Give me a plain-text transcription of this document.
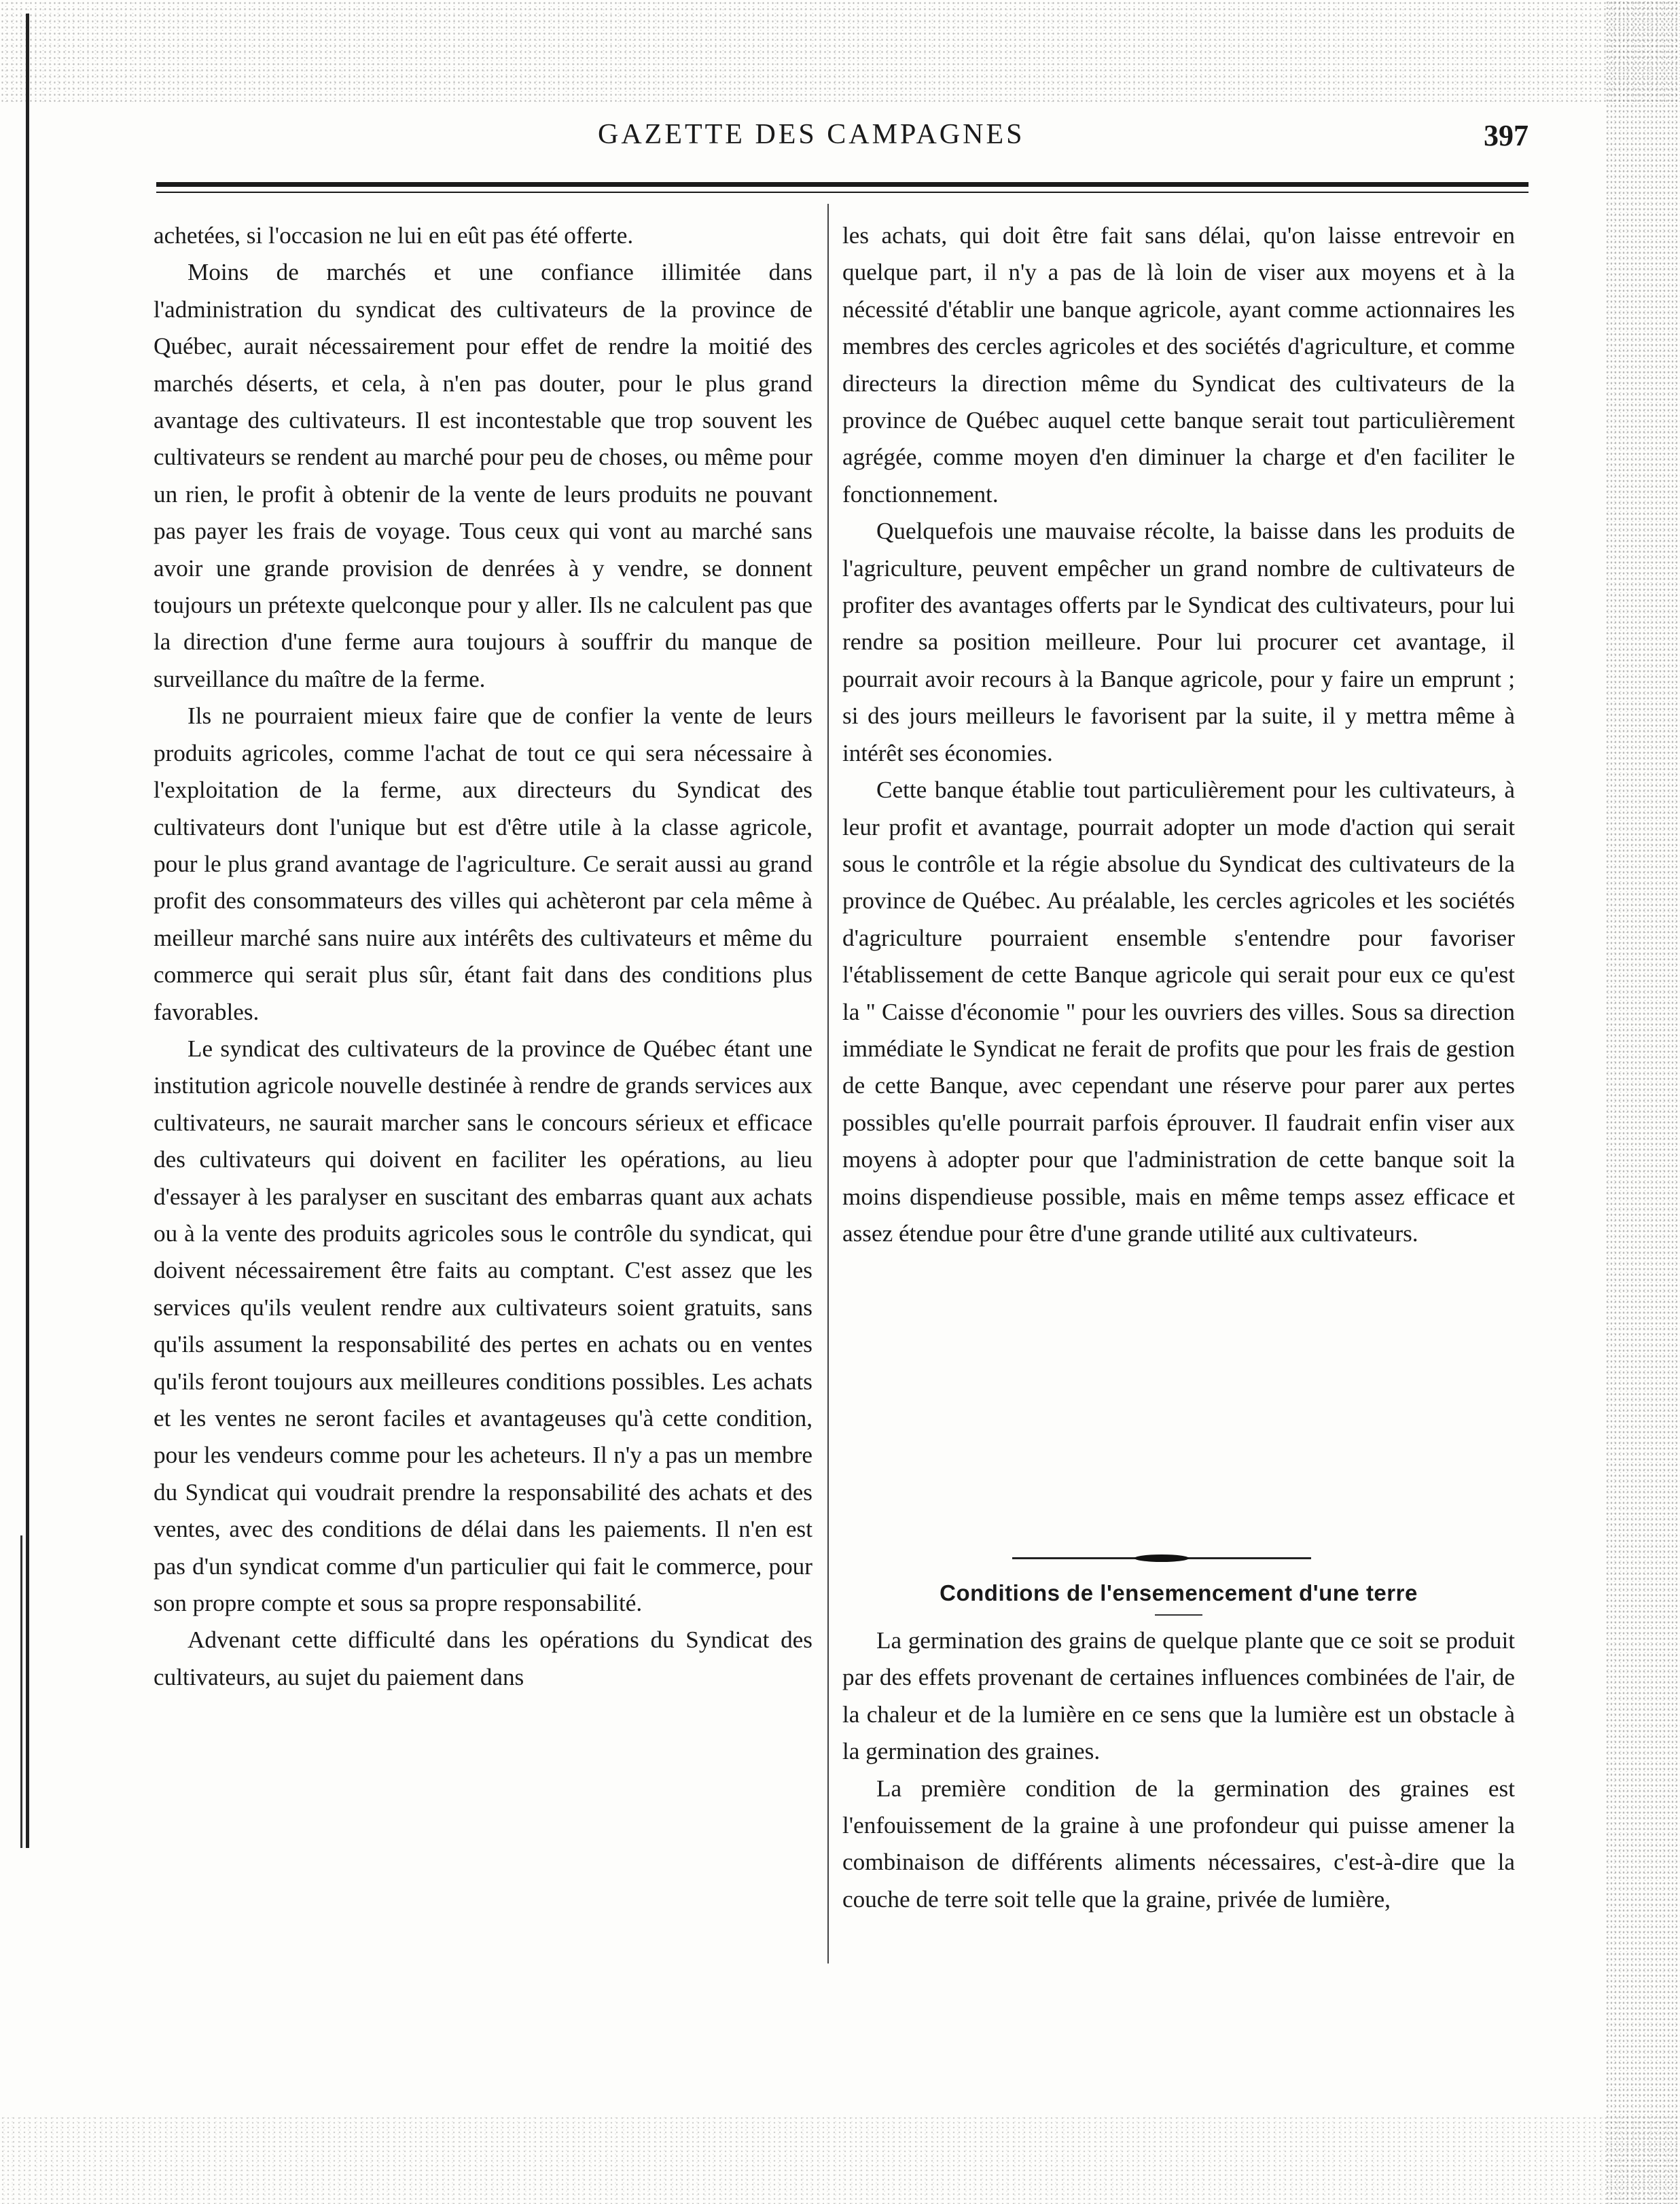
GAZETTE DES CAMPAGNES	397

achetées, si l'occasion ne lui en eût pas été offerte.

Moins de marchés et une confiance illimitée dans l'administration du syndicat des cultivateurs de la province de Québec, aurait nécessairement pour effet de rendre la moitié des marchés déserts, et cela, à n'en pas douter, pour le plus grand avantage des cultivateurs. Il est incontestable que trop souvent les cultivateurs se rendent au marché pour peu de choses, ou même pour un rien, le profit à obtenir de la vente de leurs produits ne pouvant pas payer les frais de voyage. Tous ceux qui vont au marché sans avoir une grande provision de denrées à y vendre, se donnent toujours un prétexte quelconque pour y aller. Ils ne calculent pas que la direction d'une ferme aura toujours à souffrir du manque de surveillance du maître de la ferme.

Ils ne pourraient mieux faire que de confier la vente de leurs produits agricoles, comme l'achat de tout ce qui sera nécessaire à l'exploitation de la ferme, aux directeurs du Syndicat des cultivateurs dont l'unique but est d'être utile à la classe agricole, pour le plus grand avantage de l'agriculture. Ce serait aussi au grand profit des consommateurs des villes qui achèteront par cela même à meilleur marché sans nuire aux intérêts des cultivateurs et même du commerce qui serait plus sûr, étant fait dans des conditions plus favorables.

Le syndicat des cultivateurs de la province de Québec étant une institution agricole nouvelle destinée à rendre de grands services aux cultivateurs, ne saurait marcher sans le concours sérieux et efficace des cultivateurs qui doivent en faciliter les opérations, au lieu d'essayer à les paralyser en suscitant des embarras quant aux achats ou à la vente des produits agricoles sous le contrôle du syndicat, qui doivent nécessairement être faits au comptant. C'est assez que les services qu'ils veulent rendre aux cultivateurs soient gratuits, sans qu'ils assument la responsabilité des pertes en achats ou en ventes qu'ils feront toujours aux meilleures conditions possibles. Les achats et les ventes ne seront faciles et avantageuses qu'à cette condition, pour les vendeurs comme pour les acheteurs. Il n'y a pas un membre du Syndicat qui voudrait prendre la responsabilité des achats et des ventes, avec des conditions de délai dans les paiements. Il n'en est pas d'un syndicat comme d'un particulier qui fait le commerce, pour son propre compte et sous sa propre responsabilité.

Advenant cette difficulté dans les opérations du Syndicat des cultivateurs, au sujet du paiement dans

les achats, qui doit être fait sans délai, qu'on laisse entrevoir en quelque part, il n'y a pas de là loin de viser aux moyens et à la nécessité d'établir une banque agricole, ayant comme actionnaires les membres des cercles agricoles et des sociétés d'agriculture, et comme directeurs la direction même du Syndicat des cultivateurs de la province de Québec auquel cette banque serait tout particulièrement agrégée, comme moyen d'en diminuer la charge et d'en faciliter le fonctionnement.

Quelquefois une mauvaise récolte, la baisse dans les produits de l'agriculture, peuvent empêcher un grand nombre de cultivateurs de profiter des avantages offerts par le Syndicat des cultivateurs, pour lui rendre sa position meilleure. Pour lui procurer cet avantage, il pourrait avoir recours à la Banque agricole, pour y faire un emprunt ; si des jours meilleurs le favorisent par la suite, il y mettra même à intérêt ses économies.

Cette banque établie tout particulièrement pour les cultivateurs, à leur profit et avantage, pourrait adopter un mode d'action qui serait sous le contrôle et la régie absolue du Syndicat des cultivateurs de la province de Québec. Au préalable, les cercles agricoles et les sociétés d'agriculture pourraient ensemble s'entendre pour favoriser l'établissement de cette Banque agricole qui serait pour eux ce qu'est la " Caisse d'économie " pour les ouvriers des villes. Sous sa direction immédiate le Syndicat ne ferait de profits que pour les frais de gestion de cette Banque, avec cependant une réserve pour parer aux pertes possibles qu'elle pourrait parfois éprouver. Il faudrait enfin viser aux moyens à adopter pour que l'administration de cette banque soit la moins dispendieuse possible, mais en même temps assez efficace et assez étendue pour être d'une grande utilité aux cultivateurs.

Conditions de l'ensemencement d'une terre

La germination des grains de quelque plante que ce soit se produit par des effets provenant de certaines influences combinées de l'air, de la chaleur et de la lumière en ce sens que la lumière est un obstacle à la germination des graines.

La première condition de la germination des graines est l'enfouissement de la graine à une profondeur qui puisse amener la combinaison de différents aliments nécessaires, c'est-à-dire que la couche de terre soit telle que la graine, privée de lumière,
